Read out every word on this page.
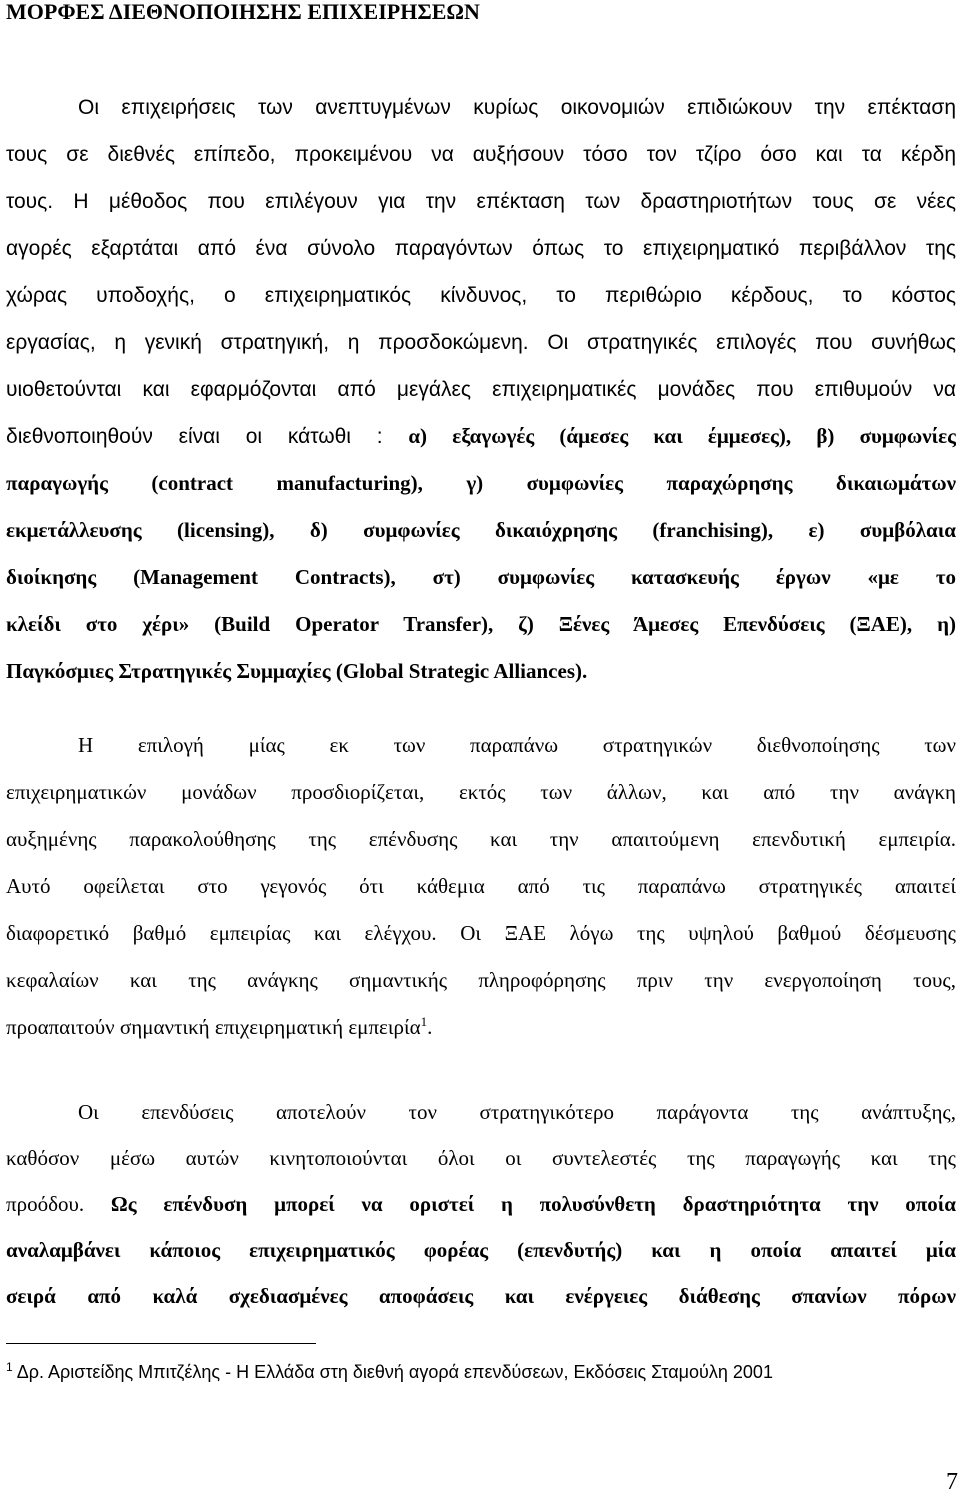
ΜΟΡΦΕΣ ΔΙΕΘΝΟΠΟΙΗΣΗΣ ΕΠΙΧΕΙΡΗΣΕΩΝ
Οι επιχειρήσεις των ανεπτυγμένων κυρίως οικονομιών επιδιώκουν την επέκταση
τους σε διεθνές επίπεδο, προκειμένου να αυξήσουν τόσο τον τζίρο όσο και τα κέρδη
τους. Η μέθοδος που επιλέγουν για την επέκταση των δραστηριοτήτων τους σε νέες
αγορές εξαρτάται από ένα σύνολο παραγόντων όπως το επιχειρηματικό περιβάλλον της
χώρας υποδοχής, ο επιχειρηματικός κίνδυνος, το περιθώριο κέρδους, το κόστος
εργασίας, η γενική στρατηγική, η προσδοκώμενη. Οι στρατηγικές επιλογές που συνήθως
υιοθετούνται και εφαρμόζονται από μεγάλες επιχειρηματικές μονάδες που επιθυμούν να
διεθνοποιηθούν είναι οι κάτωθι : α) εξαγωγές (άμεσες και έμμεσες), β) συμφωνίες
παραγωγής (contract manufacturing), γ) συμφωνίες παραχώρησης δικαιωμάτων
εκμετάλλευσης (licensing), δ) συμφωνίες δικαιόχρησης (franchising), ε) συμβόλαια
διοίκησης (Management Contracts), στ) συμφωνίες κατασκευής έργων «με το
κλείδι στο χέρι» (Build Operator Transfer), ζ) Ξένες Άμεσες Επενδύσεις (ΞΑΕ), η)
Παγκόσμιες Στρατηγικές Συμμαχίες (Global Strategic Alliances).
Η επιλογή μίας εκ των παραπάνω στρατηγικών διεθνοποίησης των
επιχειρηματικών μονάδων προσδιορίζεται, εκτός των άλλων, και από την ανάγκη
αυξημένης παρακολούθησης της επένδυσης και την απαιτούμενη επενδυτική εμπειρία.
Αυτό οφείλεται στο γεγονός ότι κάθεμια από τις παραπάνω στρατηγικές απαιτεί
διαφορετικό βαθμό εμπειρίας και ελέγχου. Οι ΞΑΕ λόγω της υψηλού βαθμού δέσμευσης
κεφαλαίων και της ανάγκης σημαντικής πληροφόρησης πριν την ενεργοποίηση τους,
προαπαιτούν σημαντική επιχειρηματική εμπειρία$^1$.
Οι επενδύσεις αποτελούν τον στρατηγικότερο παράγοντα της ανάπτυξης,
καθόσον μέσω αυτών κινητοποιούνται όλοι οι συντελεστές της παραγωγής και της
προόδου. Ως επένδυση μπορεί να οριστεί η πολυσύνθετη δραστηριότητα την οποία
αναλαμβάνει κάποιος επιχειρηματικός φορέας (επενδυτής) και η οποία απαιτεί μία
σειρά από καλά σχεδιασμένες αποφάσεις και ενέργειες διάθεσης σπανίων πόρων

$^1$ Δρ. Αριστείδης Μπιτζέλης - Η Ελλάδα στη διεθνή αγορά επενδύσεων, Εκδόσεις Σταμούλη 2001

7
